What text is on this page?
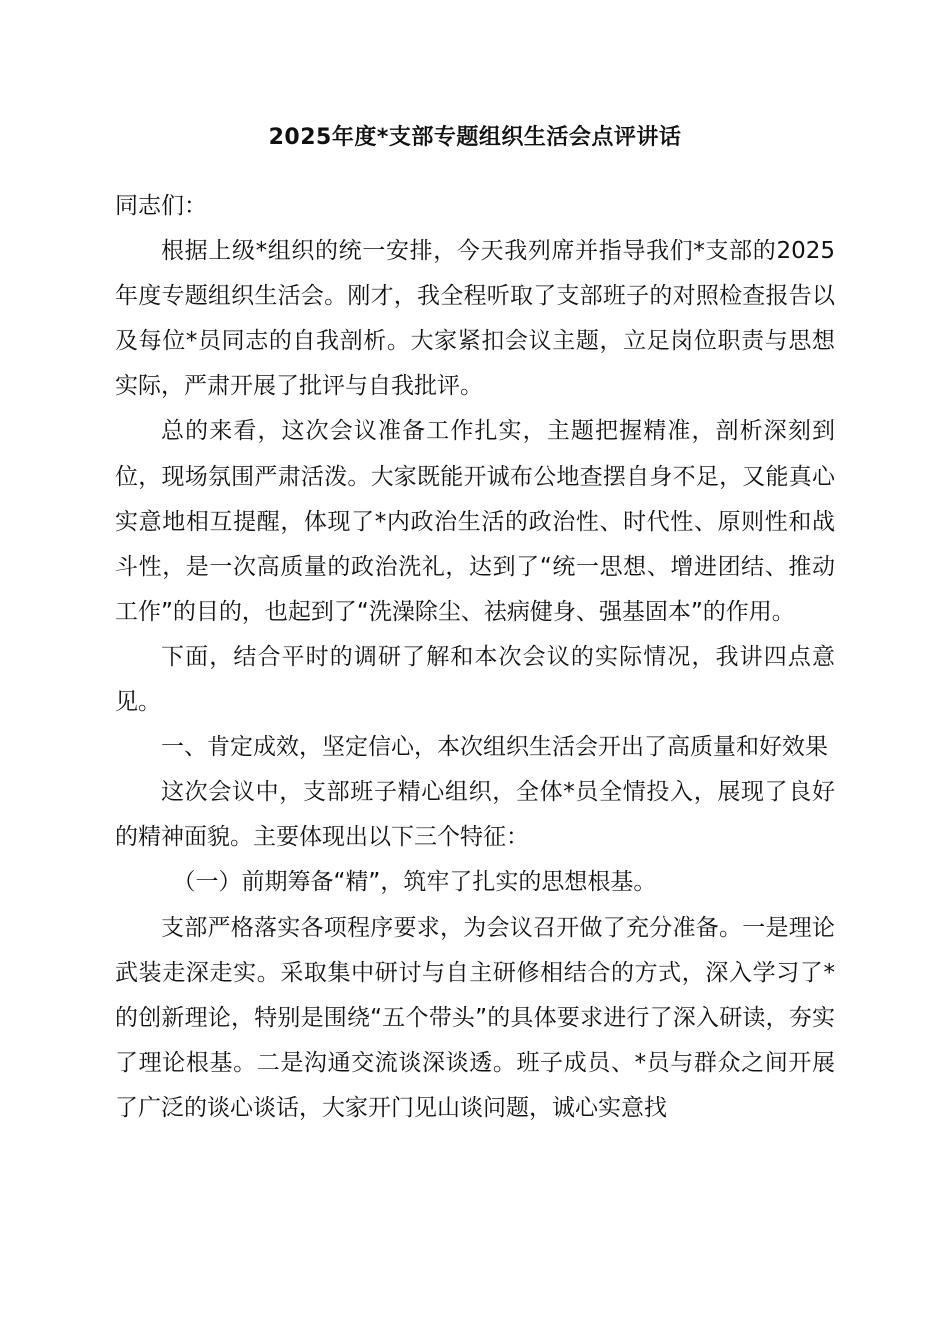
2025年度*支部专题组织生活会点评讲话

同志们：

根据上级*组织的统一安排，今天我列席并指导我们*支部的2025年度专题组织生活会。刚才，我全程听取了支部班子的对照检查报告以及每位*员同志的自我剖析。大家紧扣会议主题，立足岗位职责与思想实际，严肃开展了批评与自我批评。

总的来看，这次会议准备工作扎实，主题把握精准，剖析深刻到位，现场氛围严肃活泼。大家既能开诚布公地查摆自身不足，又能真心实意地相互提醒，体现了*内政治生活的政治性、时代性、原则性和战斗性，是一次高质量的政治洗礼，达到了“统一思想、增进团结、推动工作”的目的，也起到了“洗澡除尘、祛病健身、强基固本”的作用。

下面，结合平时的调研了解和本次会议的实际情况，我讲四点意见。

一、肯定成效，坚定信心，本次组织生活会开出了高质量和好效果

这次会议中，支部班子精心组织，全体*员全情投入，展现了良好的精神面貌。主要体现出以下三个特征：

（一）前期筹备“精”，筑牢了扎实的思想根基。

支部严格落实各项程序要求，为会议召开做了充分准备。一是理论武装走深走实。采取集中研讨与自主研修相结合的方式，深入学习了*的创新理论，特别是围绕“五个带头”的具体要求进行了深入研读，夯实了理论根基。二是沟通交流谈深谈透。班子成员、*员与群众之间开展了广泛的谈心谈话，大家开门见山谈问题，诚心实意找
